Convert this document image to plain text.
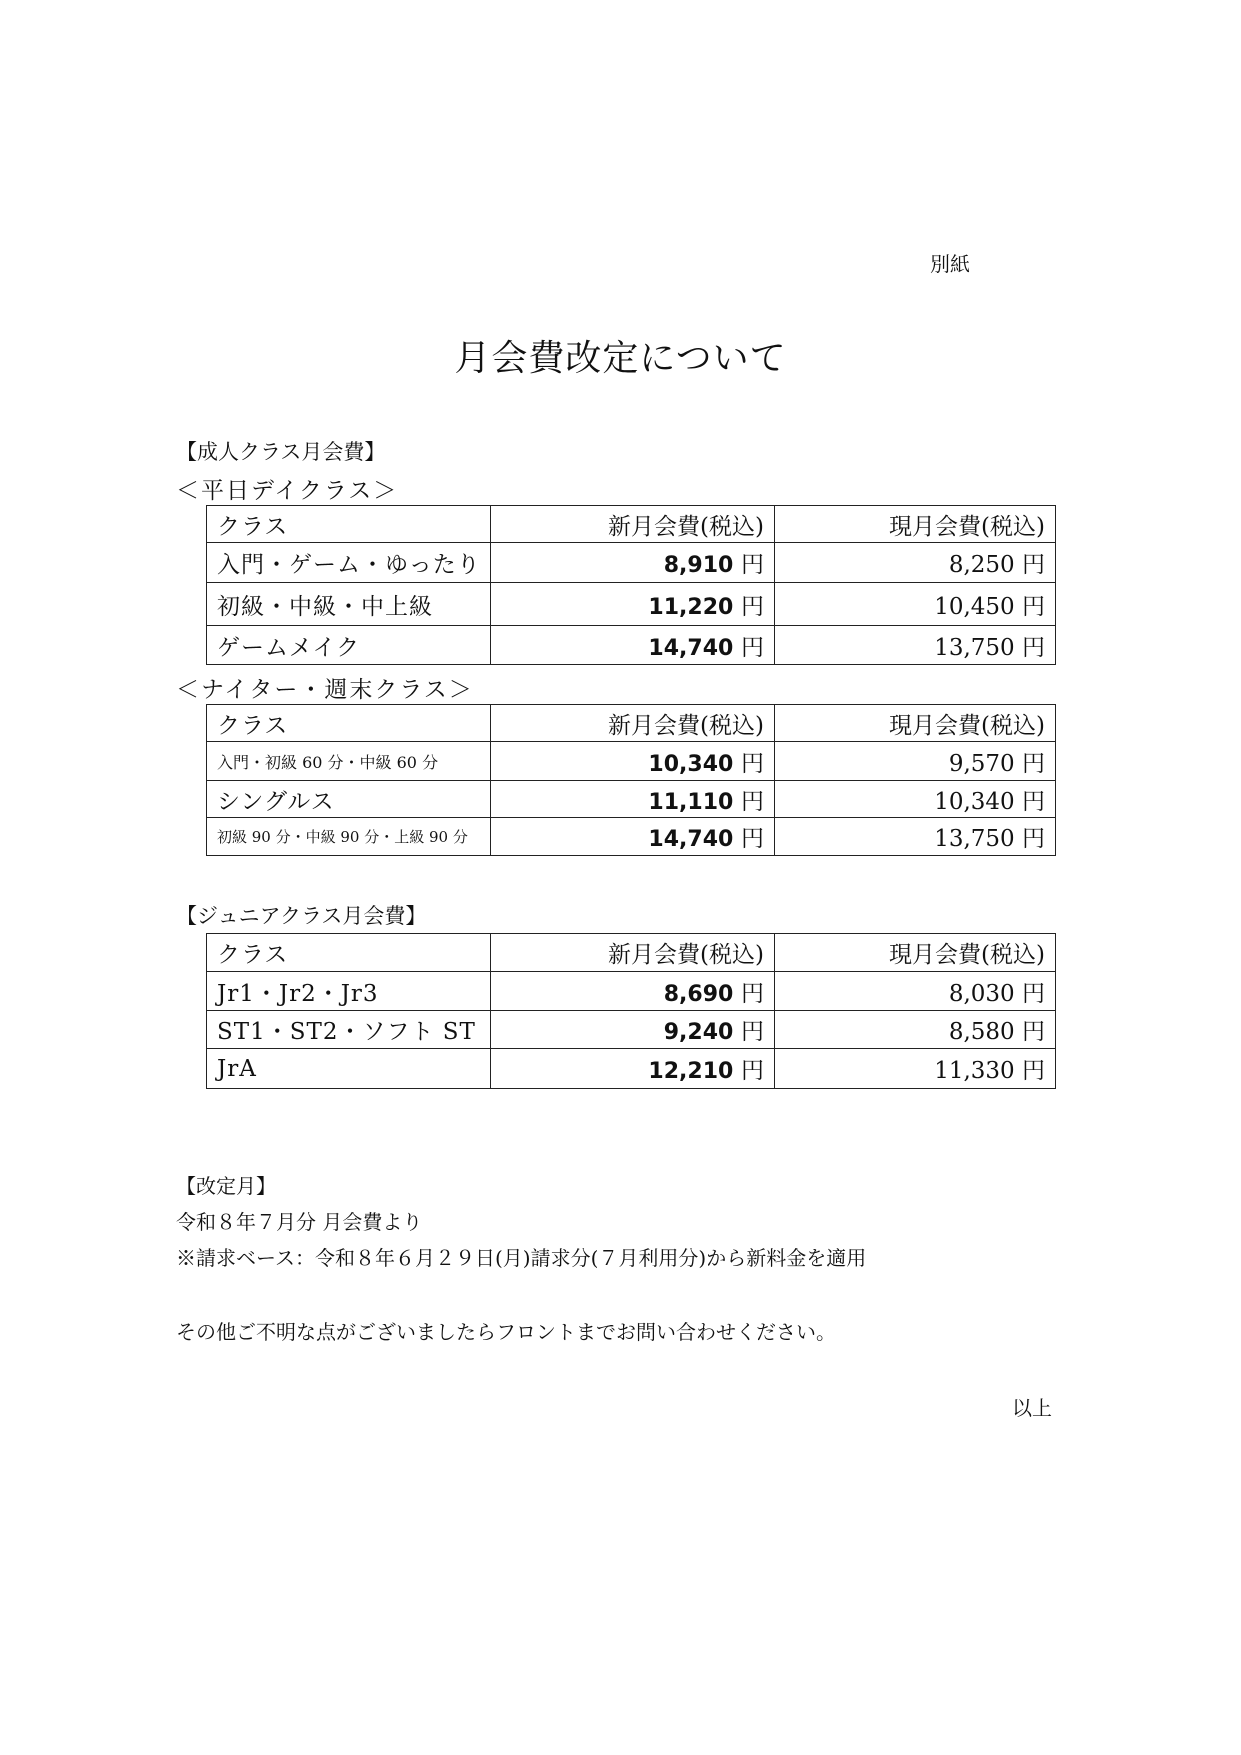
別紙
月会費改定について
【成人クラス月会費】
＜平日デイクラス＞
クラス	新月会費(税込)	現月会費(税込)
入門・ゲーム・ゆったり	8,910 円	8,250 円
初級・中級・中上級	11,220 円	10,450 円
ゲームメイク	14,740 円	13,750 円
＜ナイター・週末クラス＞
クラス	新月会費(税込)	現月会費(税込)
入門・初級 60 分・中級 60 分	10,340 円	9,570 円
シングルス	11,110 円	10,340 円
初級 90 分・中級 90 分・上級 90 分	14,740 円	13,750 円
【ジュニアクラス月会費】
クラス	新月会費(税込)	現月会費(税込)
Jr1・Jr2・Jr3	8,690 円	8,030 円
ST1・ST2・ソフト ST	9,240 円	8,580 円
JrA	12,210 円	11,330 円
【改定月】
令和８年７月分 月会費より
※請求ベース：令和８年６月２９日(月)請求分(７月利用分)から新料金を適用
その他ご不明な点がございましたらフロントまでお問い合わせください。
以上
